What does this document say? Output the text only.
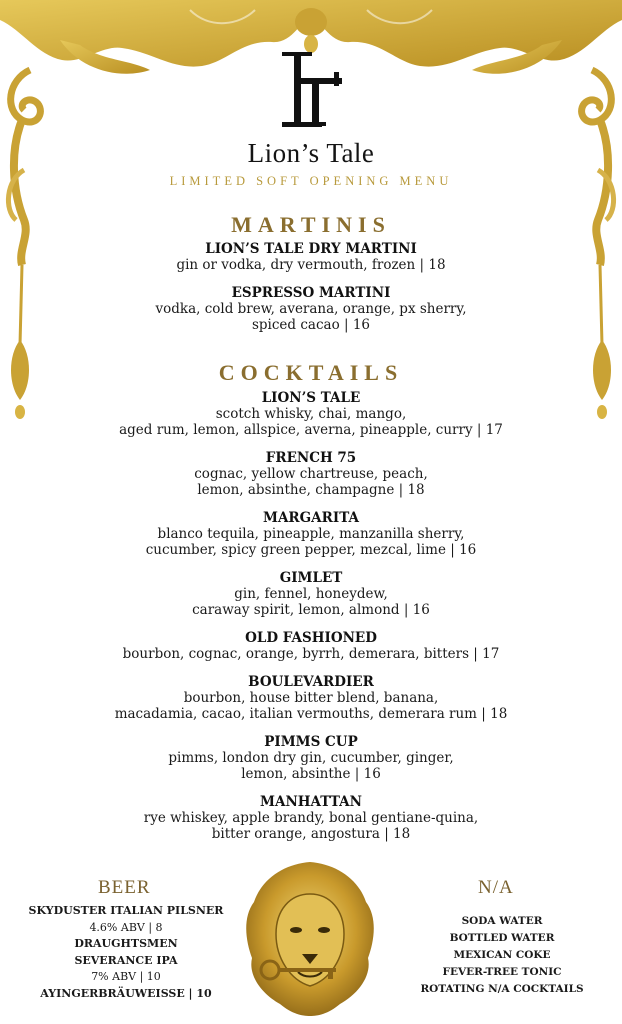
Lion’s Tale
LIMITED SOFT OPENING MENU
MARTINIS
LION’S TALE DRY MARTINI
gin or vodka, dry vermouth, frozen | 18
ESPRESSO MARTINI
vodka, cold brew, averana, orange, px sherry,
spiced cacao | 16
COCKTAILS
LION’S TALE
scotch whisky, chai, mango,
aged rum, lemon, allspice, averna, pineapple, curry | 17
FRENCH 75
cognac, yellow chartreuse, peach,
lemon, absinthe, champagne | 18
MARGARITA
blanco tequila, pineapple, manzanilla sherry,
cucumber, spicy green pepper, mezcal, lime | 16
GIMLET
gin, fennel, honeydew,
caraway spirit, lemon, almond | 16
OLD FASHIONED
bourbon, cognac, orange, byrrh, demerara, bitters | 17
BOULEVARDIER
bourbon, house bitter blend, banana,
macadamia, cacao, italian vermouths, demerara rum | 18
PIMMS CUP
pimms, london dry gin, cucumber, ginger,
lemon, absinthe | 16
MANHATTAN
rye whiskey, apple brandy, bonal gentiane-quina,
bitter orange, angostura | 18
BEER
SKYDUSTER ITALIAN PILSNER
4.6% ABV | 8
DRAUGHTSMEN
SEVERANCE IPA
7% ABV | 10
AYINGERBRÄUWEISSE | 10
N/A
SODA WATER
BOTTLED WATER
MEXICAN COKE
FEVER-TREE TONIC
ROTATING N/A COCKTAILS
